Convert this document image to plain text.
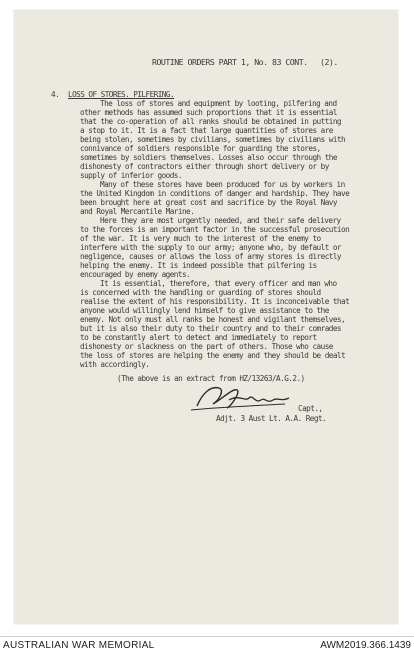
ROUTINE ORDERS PART 1, No. 83 CONT. (2).
4. LOSS OF STORES. PILFERING.
The loss of stores and equipment by looting, pilfering and
other methods has assumed such proportions that it is essential
that the co-operation of all ranks should be obtained in putting
a stop to it. It is a fact that large quantities of stores are
being stolen, sometimes by civilians, sometimes by civilians with
connivance of soldiers responsible for guarding the stores,
sometimes by soldiers themselves. Losses also occur through the
dishonesty of contractors either through short delivery or by
supply of inferior goods.
Many of these stores have been produced for us by workers in
the United Kingdom in conditions of danger and hardship. They have
been brought here at great cost and sacrifice by the Royal Navy
and Royal Mercantile Marine.
Here they are most urgently needed, and their safe delivery
to the forces is an important factor in the successful prosecution
of the war. It is very much to the interest of the enemy to
interfere with the supply to our army; anyone who, by default or
negligence, causes or allows the loss of army stores is directly
helping the enemy. It is indeed possible that pilfering is
encouraged by enemy agents.
It is essential, therefore, that every officer and man who
is concerned with the handling or guarding of stores should
realise the extent of his responsibility. It is inconceivable that
anyone would willingly lend himself to give assistance to the
enemy. Not only must all ranks be honest and vigilant themselves,
but it is also their duty to their country and to their comrades
to be constantly alert to detect and immediately to report
dishonesty or slackness on the part of others. Those who cause
the loss of stores are helping the enemy and they should be dealt
with accordingly.
(The above is an extract from HZ/13263/A.G.2.)
Capt.,
Adjt. 3 Aust Lt. A.A. Regt.
AUSTRALIAN WAR MEMORIAL	AWM2019.366.1439
